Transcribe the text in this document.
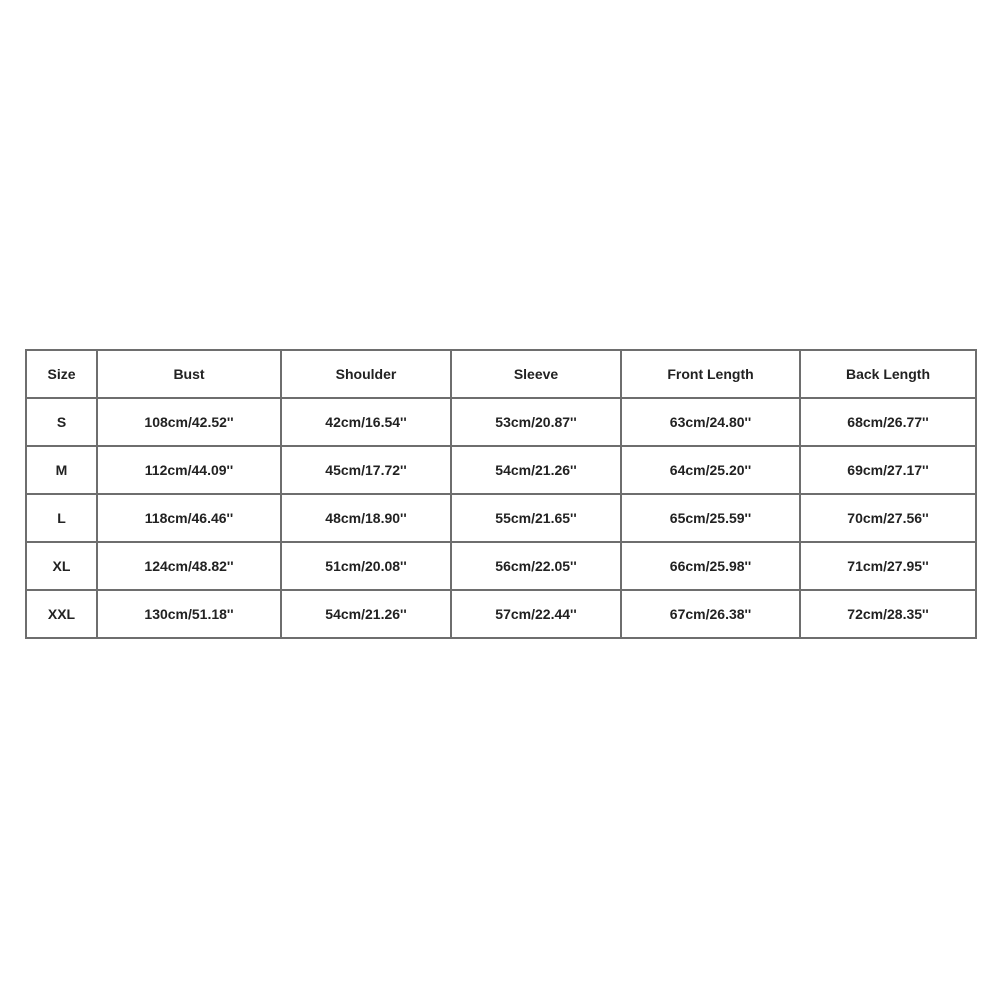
Size	Bust	Shoulder	Sleeve	Front Length	Back Length
S	108cm/42.52''	42cm/16.54''	53cm/20.87''	63cm/24.80''	68cm/26.77''
M	112cm/44.09''	45cm/17.72''	54cm/21.26''	64cm/25.20''	69cm/27.17''
L	118cm/46.46''	48cm/18.90''	55cm/21.65''	65cm/25.59''	70cm/27.56''
XL	124cm/48.82''	51cm/20.08''	56cm/22.05''	66cm/25.98''	71cm/27.95''
XXL	130cm/51.18''	54cm/21.26''	57cm/22.44''	67cm/26.38''	72cm/28.35''
